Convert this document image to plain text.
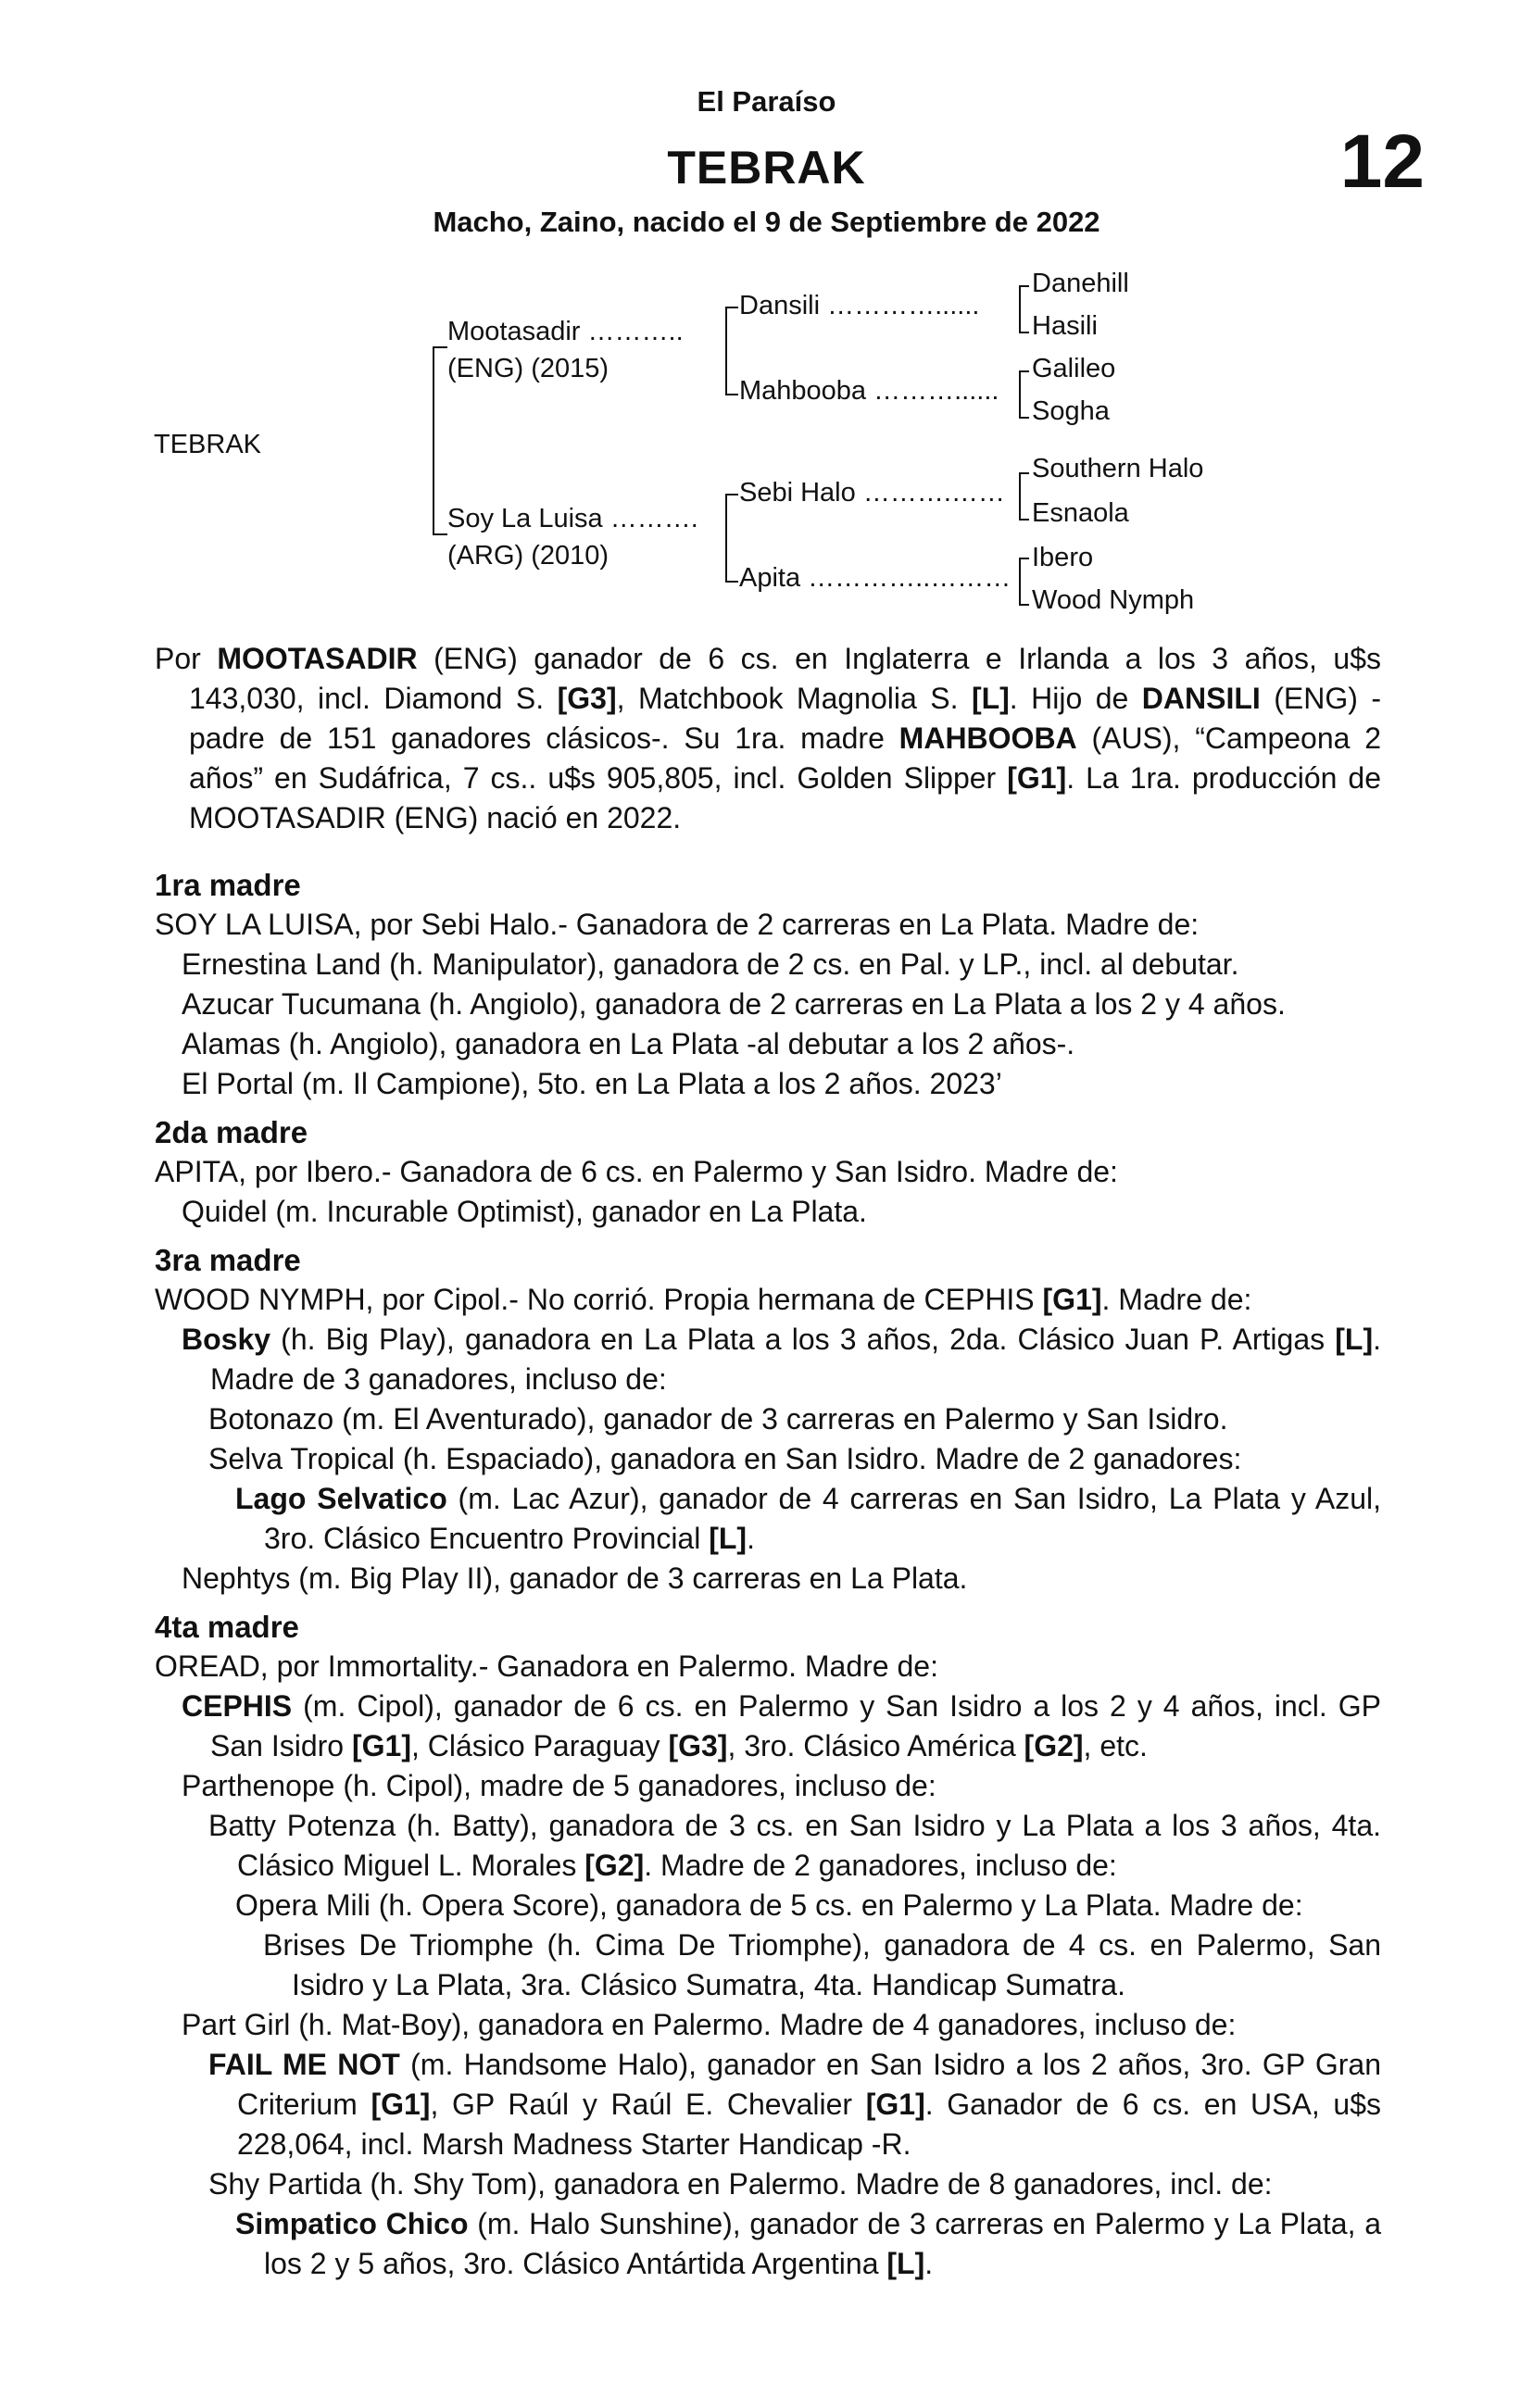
El Paraíso
TEBRAK	12
Macho, Zaino, nacido el 9 de Septiembre de 2022
TEBRAK
Mootasadir ………..
(ENG) (2015)
Soy La Luisa ……….
(ARG) (2010)
Dansili …………......
Mahbooba ………......
Sebi Halo ……….……
Apita …………..………
Danehill
Hasili
Galileo
Sogha
Southern Halo
Esnaola
Ibero
Wood Nymph

Por MOOTASADIR (ENG) ganador de 6 cs. en Inglaterra e Irlanda a los 3 años, u$s 143,030, incl. Diamond S. [G3], Matchbook Magnolia S. [L]. Hijo de DANSILI (ENG) -padre de 151 ganadores clásicos-. Su 1ra. madre MAHBOOBA (AUS), “Campeona 2 años” en Sudáfrica, 7 cs.. u$s 905,805, incl. Golden Slipper [G1]. La 1ra. producción de MOOTASADIR (ENG) nació en 2022.

1ra madre

SOY LA LUISA, por Sebi Halo.- Ganadora de 2 carreras en La Plata. Madre de:

Ernestina Land (h. Manipulator), ganadora de 2 cs. en Pal. y LP., incl. al debutar.

Azucar Tucumana (h. Angiolo), ganadora de 2 carreras en La Plata a los 2 y 4 años.

Alamas (h. Angiolo), ganadora en La Plata -al debutar a los 2 años-.

El Portal (m. Il Campione), 5to. en La Plata a los 2 años. 2023’

2da madre

APITA, por Ibero.- Ganadora de 6 cs. en Palermo y San Isidro. Madre de:

Quidel (m. Incurable Optimist), ganador en La Plata.

3ra madre

WOOD NYMPH, por Cipol.- No corrió. Propia hermana de CEPHIS [G1]. Madre de:

Bosky (h. Big Play), ganadora en La Plata a los 3 años, 2da. Clásico Juan P. Artigas [L]. Madre de 3 ganadores, incluso de:

Botonazo (m. El Aventurado), ganador de 3 carreras en Palermo y San Isidro.

Selva Tropical (h. Espaciado), ganadora en San Isidro. Madre de 2 ganadores:

Lago Selvatico (m. Lac Azur), ganador de 4 carreras en San Isidro, La Plata y Azul, 3ro. Clásico Encuentro Provincial [L].

Nephtys (m. Big Play II), ganador de 3 carreras en La Plata.

4ta madre

OREAD, por Immortality.- Ganadora en Palermo. Madre de:

CEPHIS (m. Cipol), ganador de 6 cs. en Palermo y San Isidro a los 2 y 4 años, incl. GP San Isidro [G1], Clásico Paraguay [G3], 3ro. Clásico América [G2], etc.

Parthenope (h. Cipol), madre de 5 ganadores, incluso de:

Batty Potenza (h. Batty), ganadora de 3 cs. en San Isidro y La Plata a los 3 años, 4ta. Clásico Miguel L. Morales [G2]. Madre de 2 ganadores, incluso de:

Opera Mili (h. Opera Score), ganadora de 5 cs. en Palermo y La Plata. Madre de:

Brises De Triomphe (h. Cima De Triomphe), ganadora de 4 cs. en Palermo, San Isidro y La Plata, 3ra. Clásico Sumatra, 4ta. Handicap Sumatra.

Part Girl (h. Mat-Boy), ganadora en Palermo. Madre de 4 ganadores, incluso de:

FAIL ME NOT (m. Handsome Halo), ganador en San Isidro a los 2 años, 3ro. GP Gran Criterium [G1], GP Raúl y Raúl E. Chevalier [G1]. Ganador de 6 cs. en USA, u$s 228,064, incl. Marsh Madness Starter Handicap -R.

Shy Partida (h. Shy Tom), ganadora en Palermo. Madre de 8 ganadores, incl. de:

Simpatico Chico (m. Halo Sunshine), ganador de 3 carreras en Palermo y La Plata, a los 2 y 5 años, 3ro. Clásico Antártida Argentina [L].
